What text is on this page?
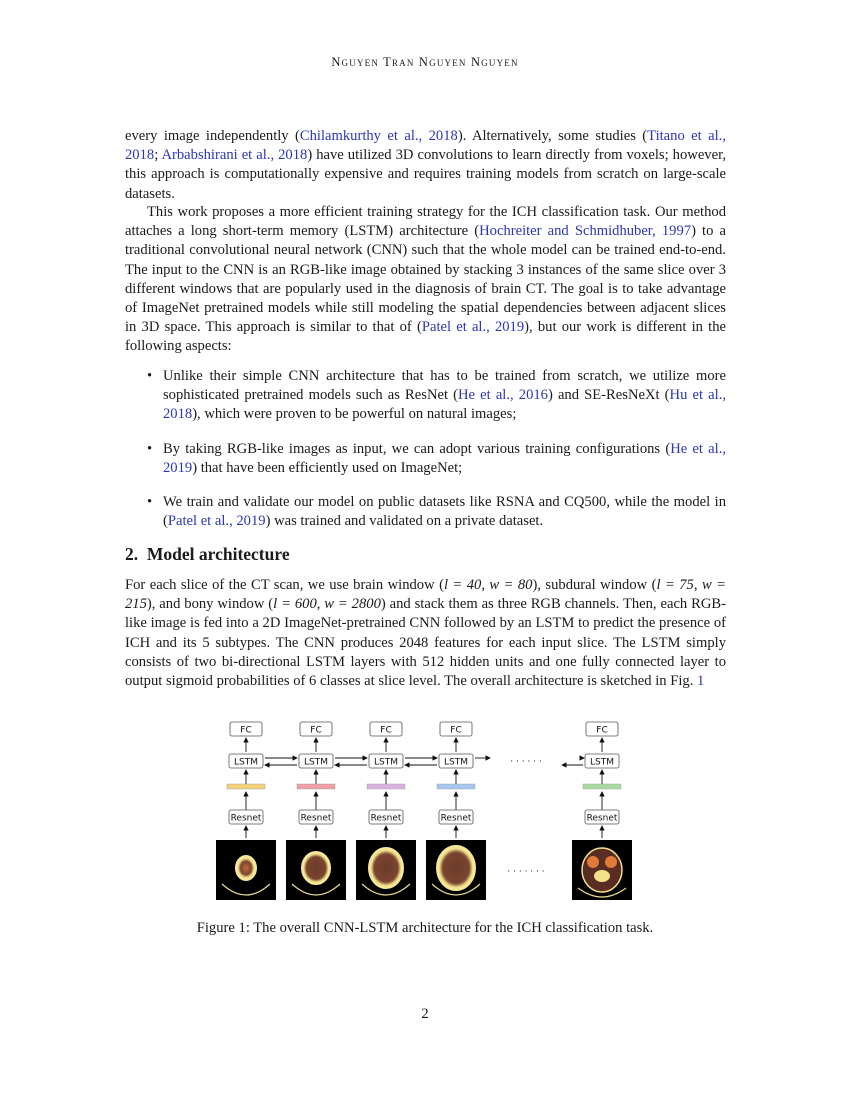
Nguyen Tran Nguyen Nguyen
every image independently (Chilamkurthy et al., 2018). Alternatively, some studies (Titano et al., 2018; Arbabshirani et al., 2018) have utilized 3D convolutions to learn directly from voxels; however, this approach is computationally expensive and requires training models from scratch on large-scale datasets.
This work proposes a more efficient training strategy for the ICH classification task. Our method attaches a long short-term memory (LSTM) architecture (Hochreiter and Schmidhuber, 1997) to a traditional convolutional neural network (CNN) such that the whole model can be trained end-to-end. The input to the CNN is an RGB-like image obtained by stacking 3 instances of the same slice over 3 different windows that are popularly used in the diagnosis of brain CT. The goal is to take advantage of ImageNet pretrained models while still modeling the spatial dependencies between adjacent slices in 3D space. This approach is similar to that of (Patel et al., 2019), but our work is different in the following aspects:
• Unlike their simple CNN architecture that has to be trained from scratch, we utilize more sophisticated pretrained models such as ResNet (He et al., 2016) and SE-ResNeXt (Hu et al., 2018), which were proven to be powerful on natural images;
• By taking RGB-like images as input, we can adopt various training configurations (He et al., 2019) that have been efficiently used on ImageNet;
• We train and validate our model on public datasets like RSNA and CQ500, while the model in (Patel et al., 2019) was trained and validated on a private dataset.
2. Model architecture
For each slice of the CT scan, we use brain window (l = 40, w = 80), subdural window (l = 75, w = 215), and bony window (l = 600, w = 2800) and stack them as three RGB channels. Then, each RGB-like image is fed into a 2D ImageNet-pretrained CNN followed by an LSTM to predict the presence of ICH and its 5 subtypes. The CNN produces 2048 features for each input slice. The LSTM simply consists of two bi-directional LSTM layers with 512 hidden units and one fully connected layer to output sigmoid probabilities of 6 classes at slice level. The overall architecture is sketched in Fig. 1
FC
LSTM
Resnet
FC
LSTM
Resnet
FC
LSTM
Resnet
FC
LSTM
Resnet
FC
LSTM
Resnet
· · · · · ·
· · · · · · ·
Figure 1: The overall CNN-LSTM architecture for the ICH classification task.
2
